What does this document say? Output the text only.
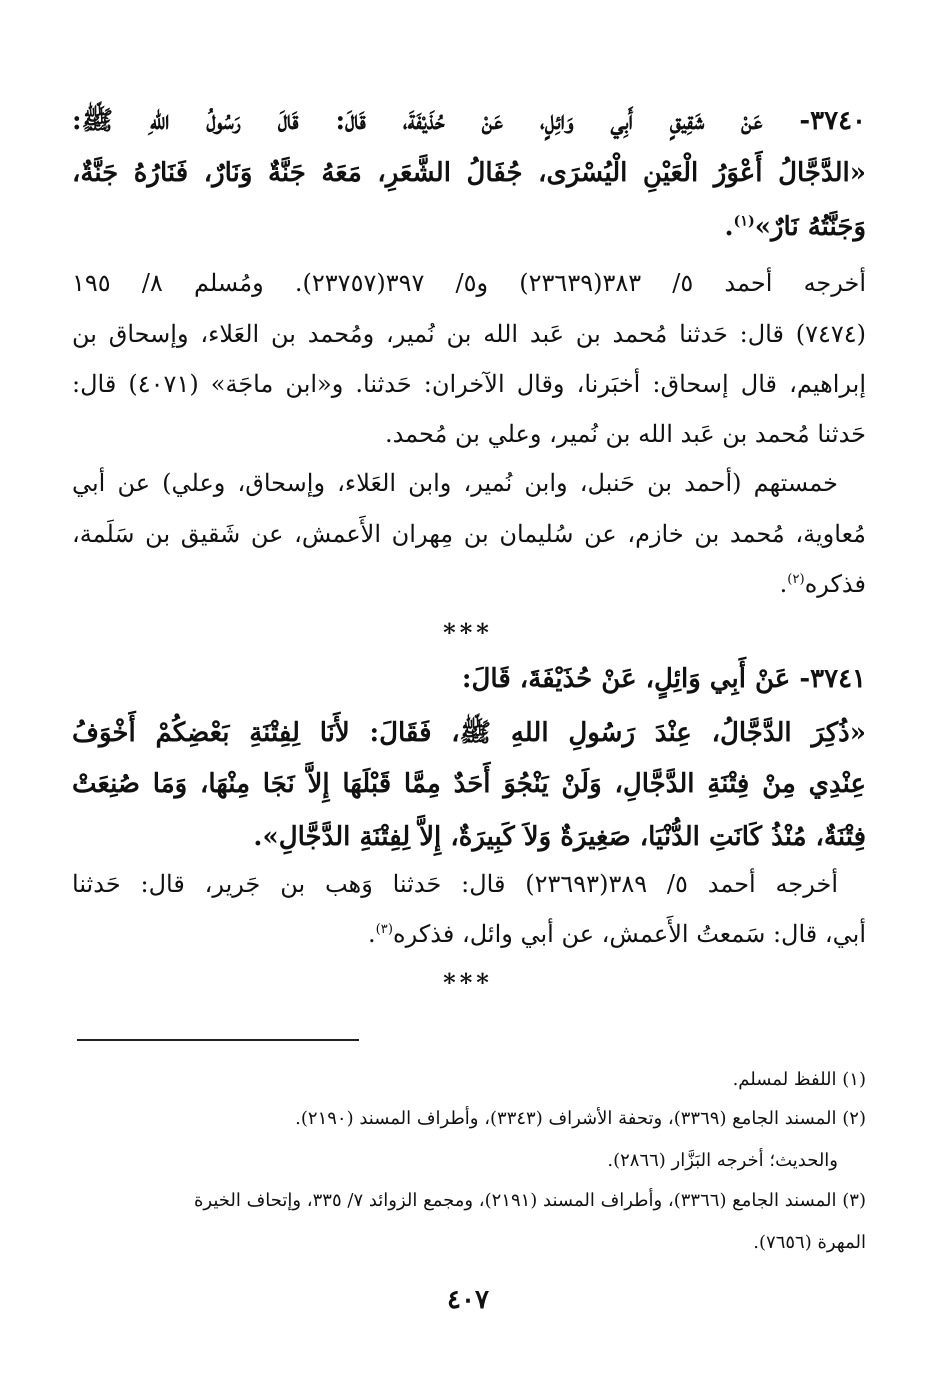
٣٧٤٠- عَنْ شَقِيقٍ أَبِي وَائِلٍ، عَنْ حُذَيْفَةَ، قَالَ: قَالَ رَسُولُ اللهِ ﷺ:
«الدَّجَّالُ أَعْوَرُ الْعَيْنِ الْيُسْرَى، جُفَالُ الشَّعَرِ، مَعَهُ جَنَّةٌ وَنَارٌ، فَنَارُهُ جَنَّةٌ،
وَجَنَّتُهُ نَارٌ»$^{(١)}$.
أخرجه أحمد ٥/ ٣٨٣(٢٣٦٣٩) و٥/ ٣٩٧(٢٣٧٥٧). ومُسلم ٨/ ١٩٥
(٧٤٧٤) قال: حَدثنا مُحمد بن عَبد الله بن نُمير، ومُحمد بن العَلاء، وإسحاق بن
إبراهيم، قال إسحاق: أخبَرنا، وقال الآخران: حَدثنا. و«ابن ماجَة» (٤٠٧١) قال:
حَدثنا مُحمد بن عَبد الله بن نُمير، وعلي بن مُحمد.
خمستهم (أحمد بن حَنبل، وابن نُمير، وابن العَلاء، وإسحاق، وعلي) عن أبي
مُعاوية، مُحمد بن خازم، عن سُليمان بن مِهران الأَعمش، عن شَقيق بن سَلَمة،
فذكره$^{(٢)}$.
***
٣٧٤١- عَنْ أَبِي وَائِلٍ، عَنْ حُذَيْفَةَ، قَالَ:
«ذُكِرَ الدَّجَّالُ، عِنْدَ رَسُولِ اللهِ ﷺ، فَقَالَ: لأَنَا لِفِتْنَةِ بَعْضِكُمْ أَخْوَفُ
عِنْدِي مِنْ فِتْنَةِ الدَّجَّالِ، وَلَنْ يَنْجُوَ أَحَدٌ مِمَّا قَبْلَهَا إِلاَّ نَجَا مِنْهَا، وَمَا صُنِعَتْ
فِتْنَةٌ، مُنْذُ كَانَتِ الدُّنْيَا، صَغِيرَةٌ وَلاَ كَبِيرَةٌ، إِلاَّ لِفِتْنَةِ الدَّجَّالِ».
أخرجه أحمد ٥/ ٣٨٩(٢٣٦٩٣) قال: حَدثنا وَهب بن جَرير، قال: حَدثنا
أبي، قال: سَمعتُ الأَعمش، عن أبي وائل، فذكره$^{(٣)}$.
***
(١) اللفظ لمسلم.
(٢) المسند الجامع (٣٣٦٩)، وتحفة الأشراف (٣٣٤٣)، وأطراف المسند (٢١٩٠).
والحديث؛ أخرجه البَزَّار (٢٨٦٦).
(٣) المسند الجامع (٣٣٦٦)، وأطراف المسند (٢١٩١)، ومجمع الزوائد ٧/ ٣٣٥، وإتحاف الخيرة
المهرة (٧٦٥٦).
٤٠٧
